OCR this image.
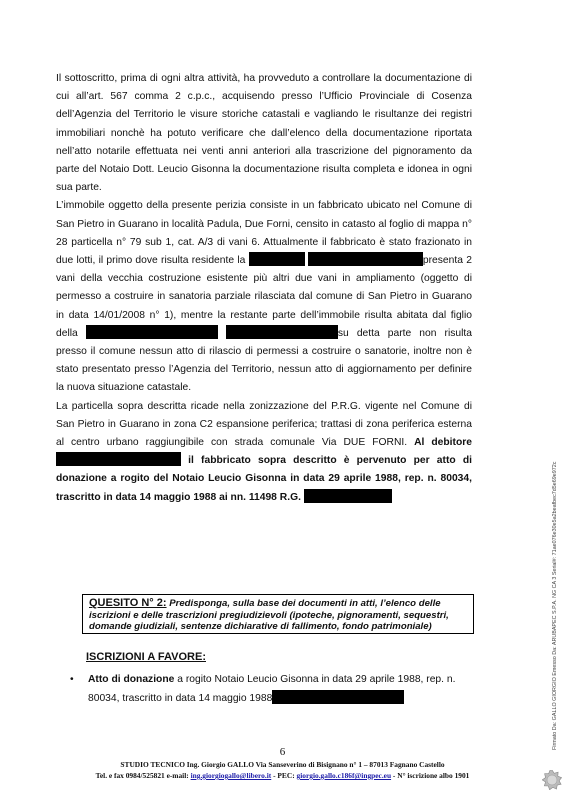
Il sottoscritto, prima di ogni altra attività, ha provveduto a controllare la documentazione di cui all’art. 567 comma 2 c.p.c., acquisendo presso l’Ufficio Provinciale di Cosenza dell’Agenzia del Territorio le visure storiche catastali e vagliando le risultanze dei registri immobiliari nonchè ha potuto verificare che dall’elenco della documentazione riportata nell’atto notarile effettuata nei venti anni anteriori alla trascrizione del pignoramento da parte del Notaio Dott. Leucio Gisonna la documentazione risulta completa e idonea in ogni sua parte.

L’immobile oggetto della presente perizia consiste in un fabbricato ubicato nel Comune di San Pietro in Guarano in località Padula, Due Forni, censito in catasto al foglio di mappa n° 28 particella n° 79 sub 1, cat. A/3 di vani 6. Attualmente il fabbricato è stato frazionato in due lotti, il primo dove risulta residente la	presenta 2 vani della vecchia costruzione esistente più altri due vani in ampliamento (oggetto di permesso a costruire in sanatoria parziale rilasciata dal comune di San Pietro in Guarano in data 14/01/2008 n° 1), mentre la restante parte dell’immobile risulta abitata dal figlio della	su detta parte non risulta presso il comune nessun atto di rilascio di permessi a costruire o sanatorie, inoltre non è stato presentato presso l’Agenzia del Territorio, nessun atto di aggiornamento per definire la nuova situazione catastale.

La particella sopra descritta ricade nella zonizzazione del P.R.G. vigente nel Comune di San Pietro in Guarano in zona C2 espansione periferica; trattasi di zona periferica esterna al centro urbano raggiungibile con strada comunale Via DUE FORNI. Al debitore  il fabbricato sopra descritto è pervenuto per atto di donazione a rogito del Notaio Leucio Gisonna in data 29 aprile 1988, rep. n. 80034, trascritto in data 14 maggio 1988 ai nn. 11498 R.G.

QUESITO N° 2: Predisponga, sulla base dei documenti in atti, l’elenco delle iscrizioni e delle trascrizioni pregiudizievoli (ipoteche, pignoramenti, sequestri, domande giudiziali, sentenze dichiarative di fallimento, fondo patrimoniale)
ISCRIZIONI A FAVORE:
• Atto di donazione a rogito Notaio Leucio Gisonna in data 29 aprile 1988, rep. n. 80034, trascritto in data 14 maggio 1988
6
STUDIO TECNICO Ing. Giorgio GALLO Via Sanseverino di Bisignano n° 1 – 87013 Fagnano Castello
Tel. e fax 0984/525821 e-mail: ing.giorgiogallo@libero.it - PEC: giorgio.gallo.c186f@ingpec.eu - N° iscrizione albo 1901
Firmato Da: GALLO GIORGIO Emesso Da: ARUBAPEC S.P.A. NG CA 3 Serial#: 71ae076e30e5a2beafbec7d5e69e972c
